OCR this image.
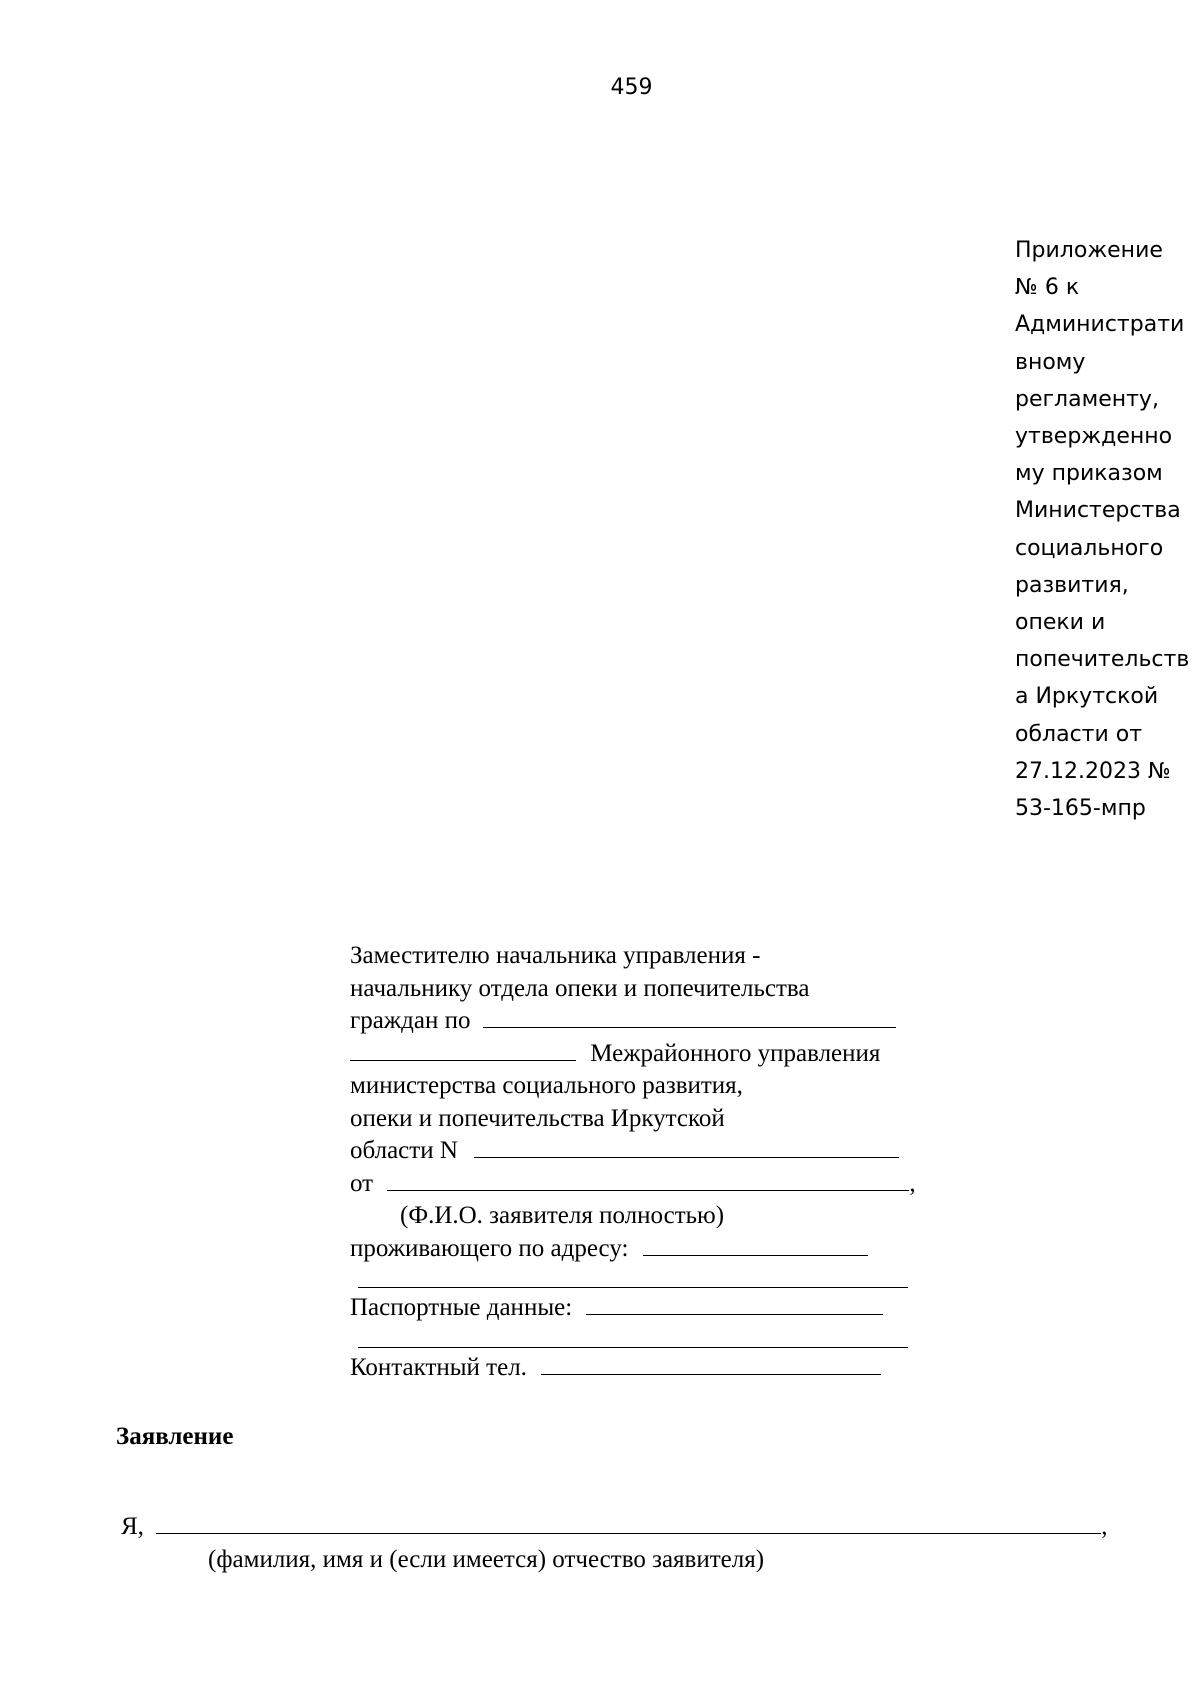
459
Приложение
№ 6 к
Администрати
вному
регламенту,
утвержденно
му приказом
Министерства
социального
развития,
опеки и
попечительств
а Иркутской
области от
27.12.2023 №
53-165-мпр
Заместителю начальника управления -
начальнику отдела опеки и попечительства
граждан по
Межрайонного управления
министерства социального развития,
опеки и попечительства Иркутской
области N
от	,
(Ф.И.О. заявителя полностью)
проживающего по адресу:
Паспортные данные:
Контактный тел.
Заявление
Я,	,
(фамилия, имя и (если имеется) отчество заявителя)
